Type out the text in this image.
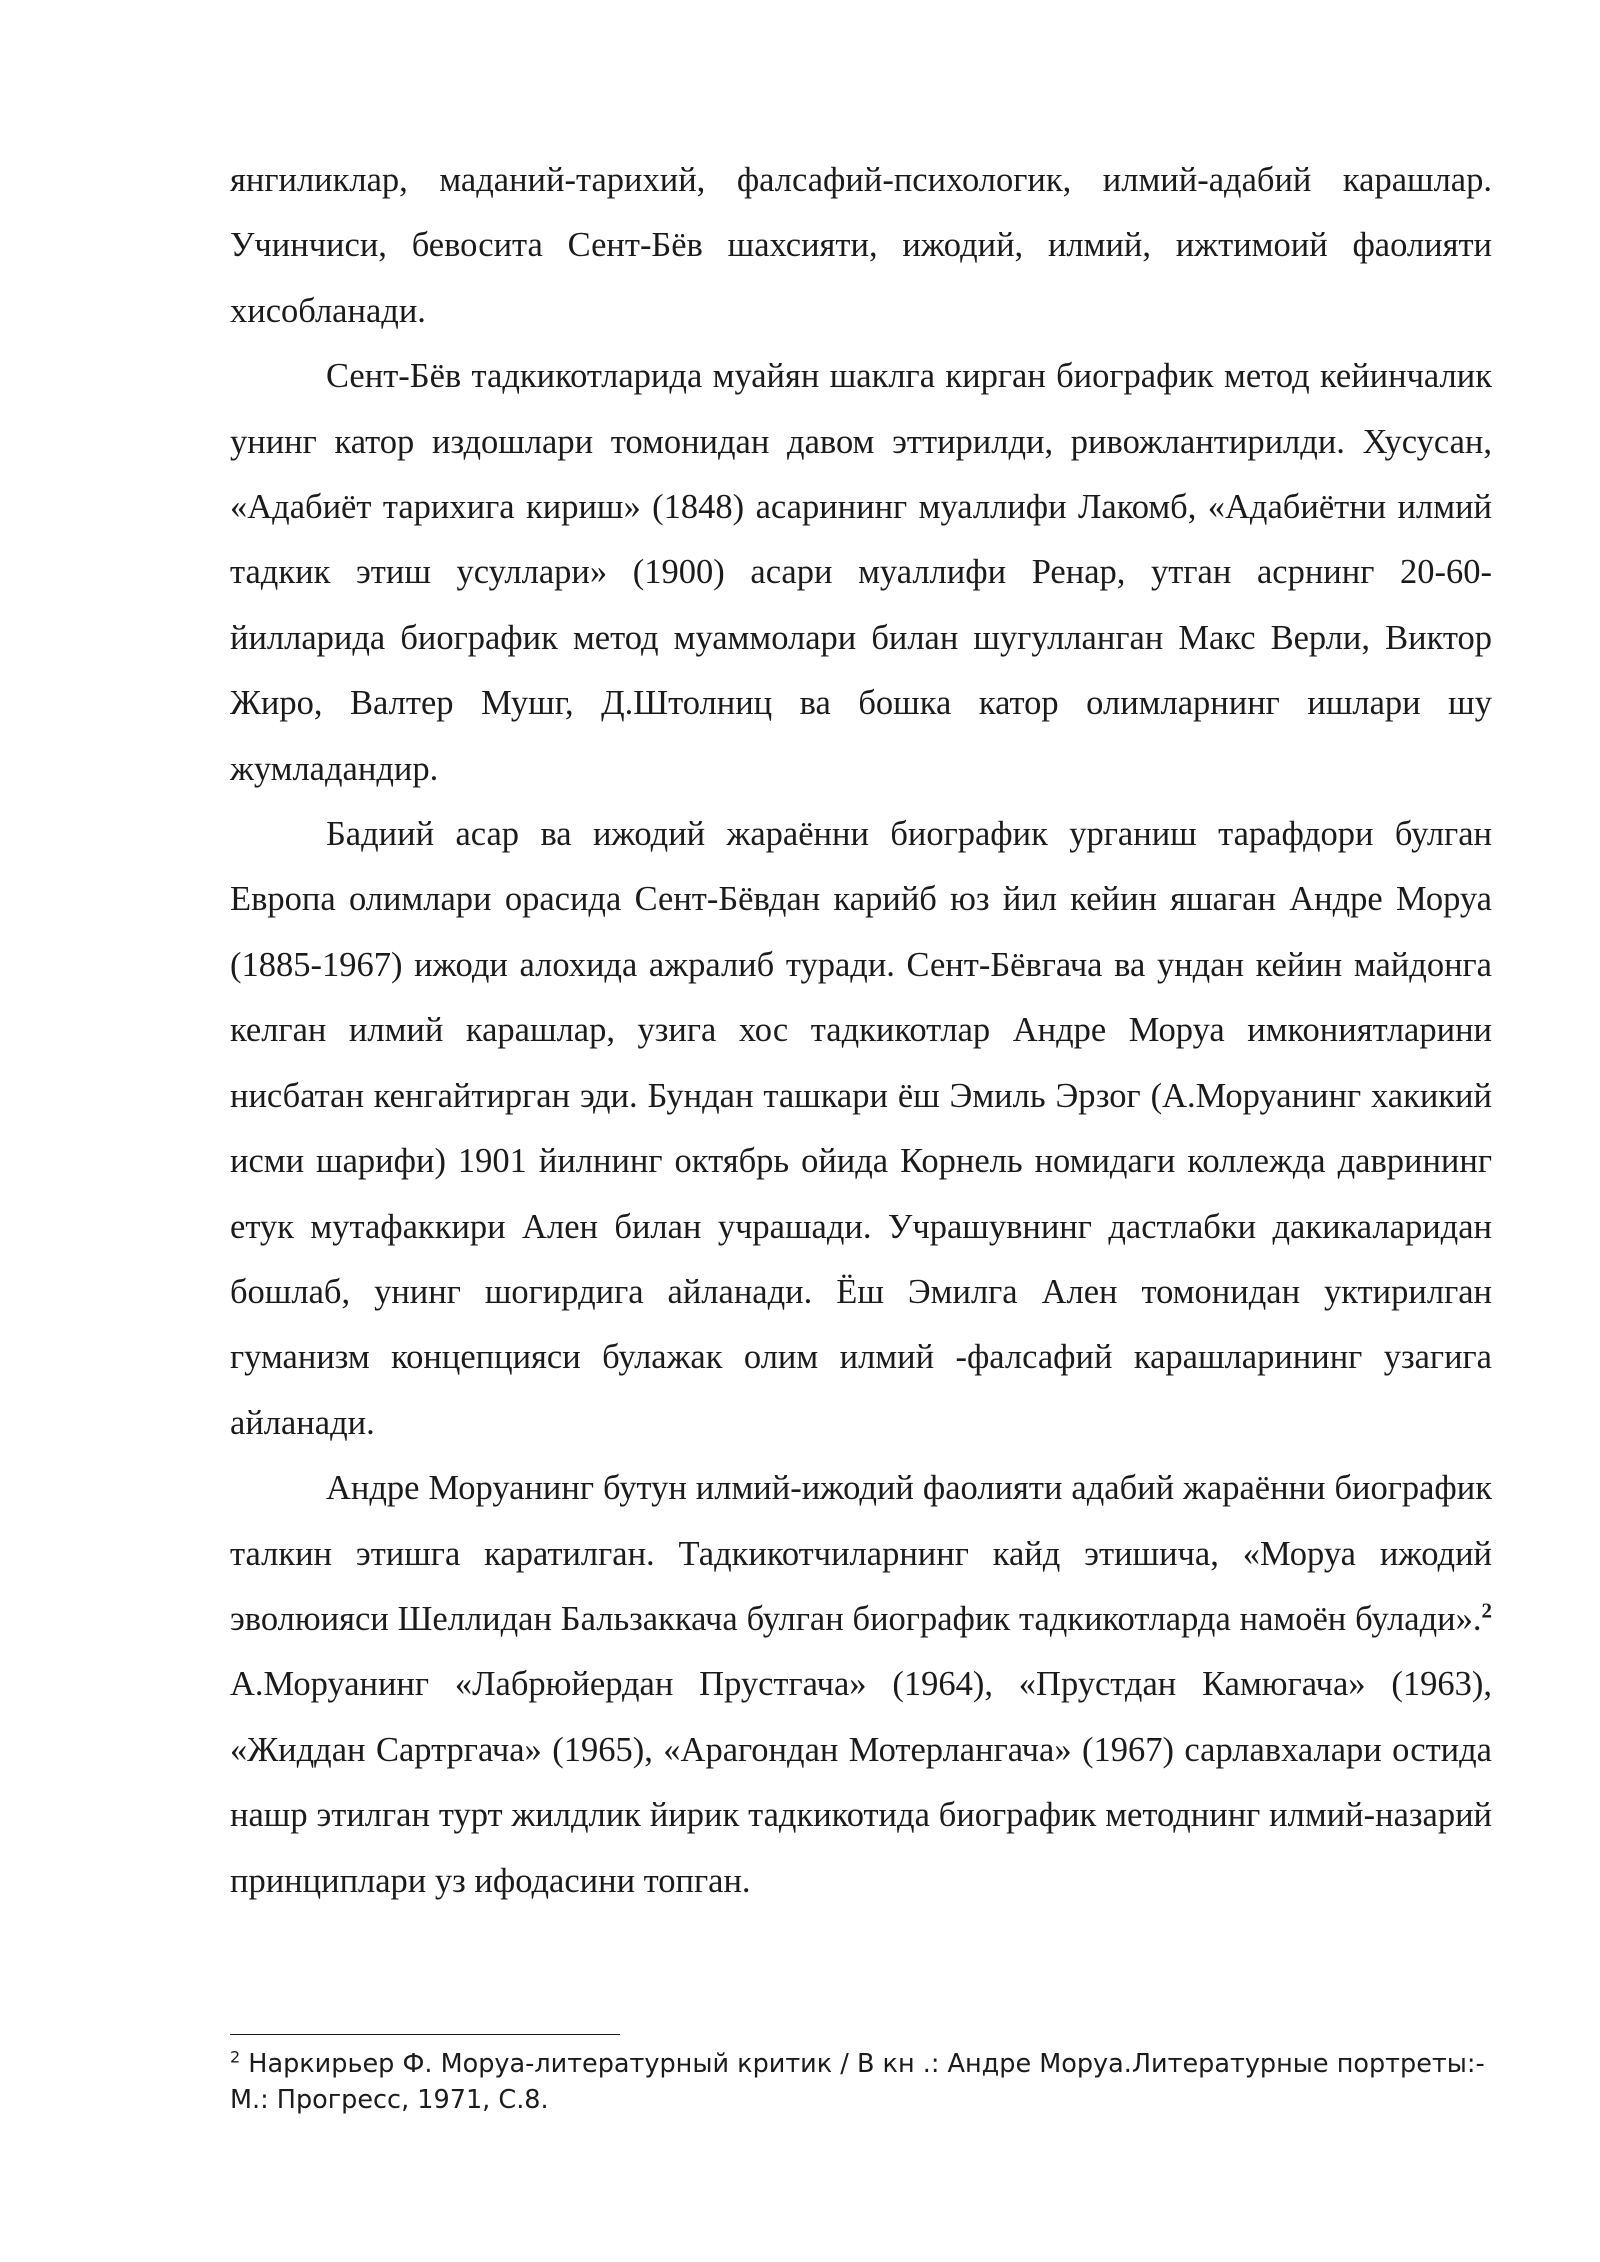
янгиликлар, маданий-тарихий, фалсафий-психологик, илмий-адабий карашлар. Учинчиси, бевосита Сент-Бёв шахсияти, ижодий, илмий, ижтимоий фаолияти хисобланади.

Сент-Бёв тадкикотларида муайян шаклга кирган биографик метод кейинчалик унинг катор издошлари томонидан давом эттирилди, ривожлантирилди. Хусусан, «Адабиёт тарихига кириш» (1848) асарининг муаллифи Лакомб, «Адабиётни илмий тадкик этиш усуллари» (1900) асари муаллифи Ренар, утган асрнинг 20-60-йилларида биографик метод муаммолари билан шугулланган Макс Верли, Виктор Жиро, Валтер Мушг, Д.Штолниц ва бошка катор олимларнинг ишлари шу жумладандир.

Бадиий асар ва ижодий жараённи биографик урганиш тарафдори булган Европа олимлари орасида Сент-Бёвдан карийб юз йил кейин яшаган Андре Моруа (1885-1967) ижоди алохида ажралиб туради. Сент-Бёвгача ва ундан кейин майдонга келган илмий карашлар, узига хос тадкикотлар Андре Моруа имкониятларини нисбатан кенгайтирган эди. Бундан ташкари ёш Эмиль Эрзог (А.Моруанинг хакикий исми шарифи) 1901 йилнинг октябрь ойида Корнель номидаги коллежда даврининг етук мутафаккири Ален билан учрашади. Учрашувнинг дастлабки дакикаларидан бошлаб, унинг шогирдига айланади. Ёш Эмилга Ален томонидан уктирилган гуманизм концепцияси булажак олим илмий -фалсафий карашларининг узагига айланади.

Андре Моруанинг бутун илмий-ижодий фаолияти адабий жараённи биографик талкин этишга каратилган. Тадкикотчиларнинг кайд этишича, «Моруа ижодий эволюияси Шеллидан Бальзаккача булган биографик тадкикотларда намоён булади».$^2$ А.Моруанинг «Лабрюйердан Прустгача» (1964), «Прустдан Камюгача» (1963), «Жиддан Сартргача» (1965), «Арагондан Мотерлангача» (1967) сарлавхалари остида нашр этилган турт жилдлик йирик тадкикотида биографик методнинг илмий-назарий принциплари уз ифодасини топган.

$^2$ Наркирьер Ф. Моруа-литературный критик / В кн .: Андре Моруа.Литературные портреты:- М.: Прогресс, 1971, С.8.
